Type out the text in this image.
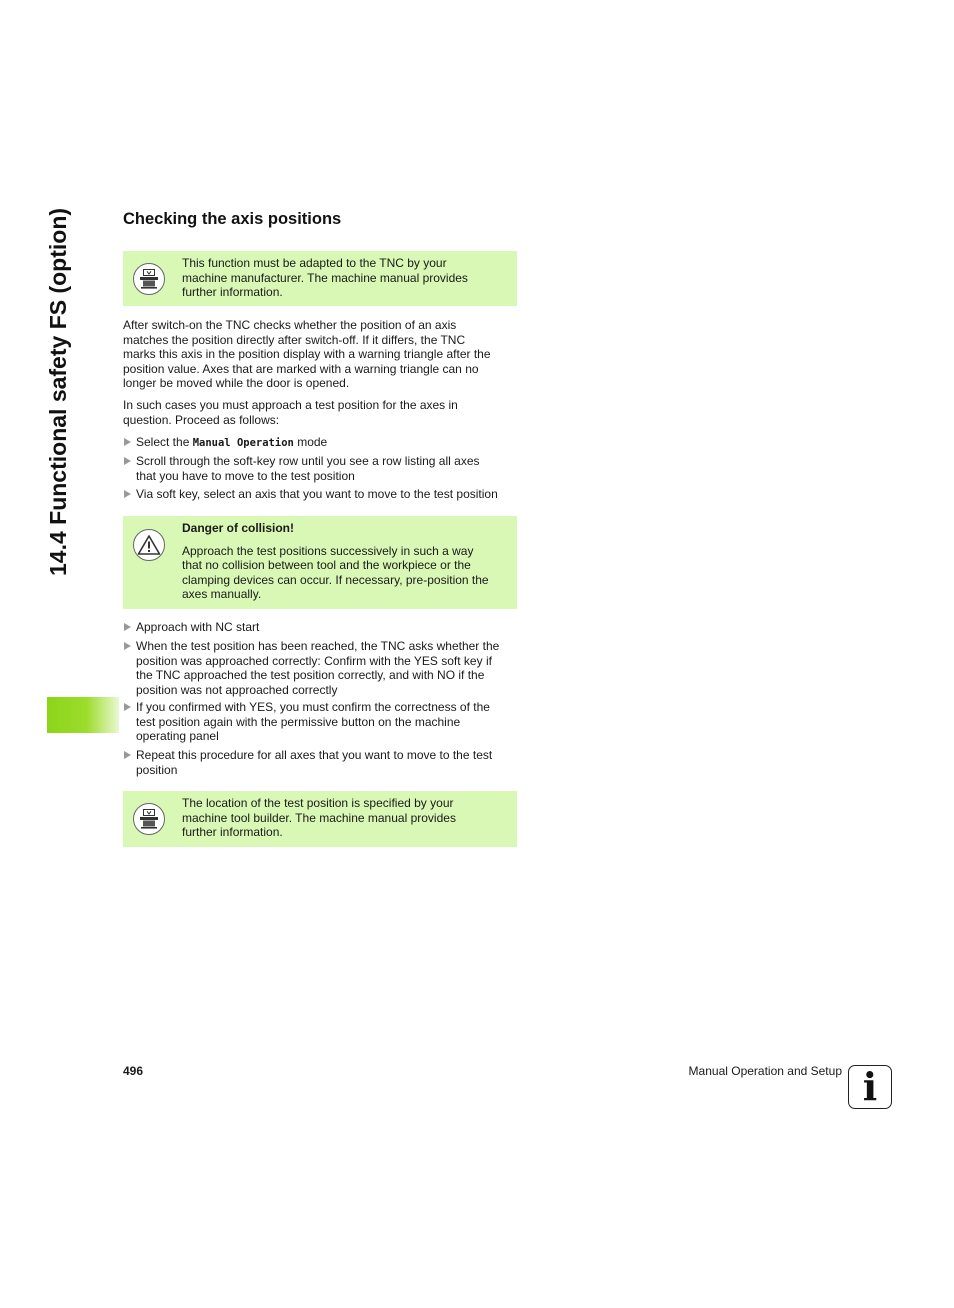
14.4 Functional safety FS (option)	Checking the axis positions
This function must be adapted to the TNC by your
machine manufacturer. The machine manual provides
further information.
After switch-on the TNC checks whether the position of an axis
matches the position directly after switch-off. If it differs, the TNC
marks this axis in the position display with a warning triangle after the
position value. Axes that are marked with a warning triangle can no
longer be moved while the door is opened.
In such cases you must approach a test position for the axes in
question. Proceed as follows:
Select the Manual Operation mode
Scroll through the soft-key row until you see a row listing all axes
that you have to move to the test position
Via soft key, select an axis that you want to move to the test position
Danger of collision!
Approach the test positions successively in such a way
that no collision between tool and the workpiece or the
clamping devices can occur. If necessary, pre-position the
axes manually.
Approach with NC start
When the test position has been reached, the TNC asks whether the
position was approached correctly: Confirm with the YES soft key if
the TNC approached the test position correctly, and with NO if the
position was not approached correctly
If you confirmed with YES, you must confirm the correctness of the
test position again with the permissive button on the machine
operating panel
Repeat this procedure for all axes that you want to move to the test
position
The location of the test position is specified by your
machine tool builder. The machine manual provides
further information.
496	Manual Operation and Setup i
